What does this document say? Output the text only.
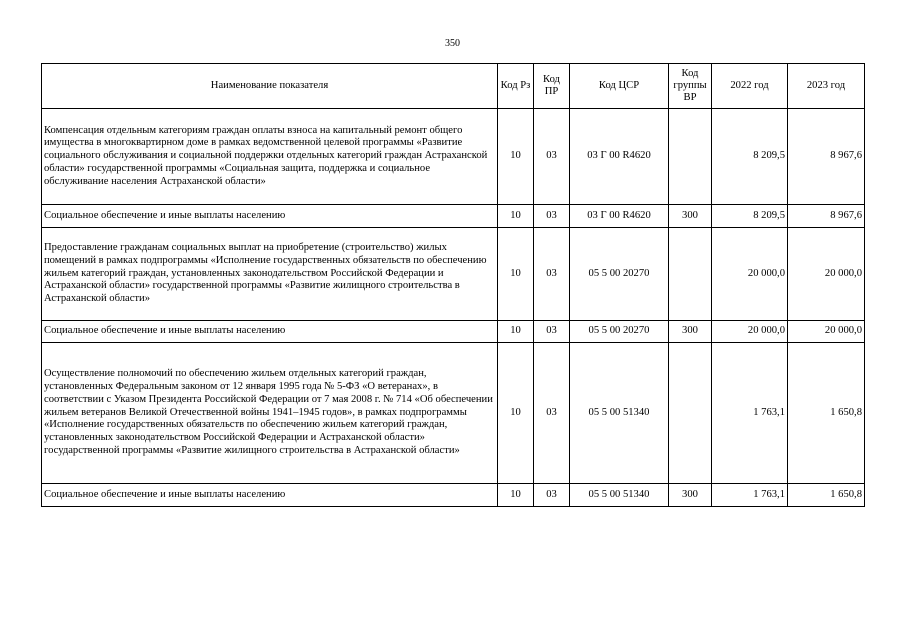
350
Наименование показателя	Код Рз	Код ПР	Код ЦСР	Код группы ВР	2022 год	2023 год
Компенсация отдельным категориям граждан оплаты взноса на капитальный ремонт общего имущества в многоквартирном доме в рамках ведомственной целевой программы «Развитие социального обслуживания и социальной поддержки отдельных категорий граждан Астраханской области» государственной программы «Социальная защита, поддержка и социальное обслуживание населения Астраханской области»	10	03	03 Г 00 R4620		8 209,5	8 967,6
Социальное обеспечение и иные выплаты населению	10	03	03 Г 00 R4620	300	8 209,5	8 967,6
Предоставление гражданам социальных выплат на приобретение (строительство) жилых помещений в рамках подпрограммы «Исполнение государственных обязательств по обеспечению жильем категорий граждан, установленных законодательством Российской Федерации и Астраханской области» государственной программы «Развитие жилищного строительства в Астраханской области»	10	03	05 5 00 20270		20 000,0	20 000,0
Социальное обеспечение и иные выплаты населению	10	03	05 5 00 20270	300	20 000,0	20 000,0
Осуществление полномочий по обеспечению жильем отдельных категорий граждан, установленных Федеральным законом от 12 января 1995 года № 5-ФЗ «О ветеранах», в соответствии с Указом Президента Российской Федерации от 7 мая 2008 г. № 714 «Об обеспечении жильем ветеранов Великой Отечественной войны 1941–1945 годов», в рамках подпрограммы «Исполнение государственных обязательств по обеспечению жильем категорий граждан, установленных законодательством Российской Федерации и Астраханской области» государственной программы «Развитие жилищного строительства в Астраханской области»	10	03	05 5 00 51340		1 763,1	1 650,8
Социальное обеспечение и иные выплаты населению	10	03	05 5 00 51340	300	1 763,1	1 650,8
